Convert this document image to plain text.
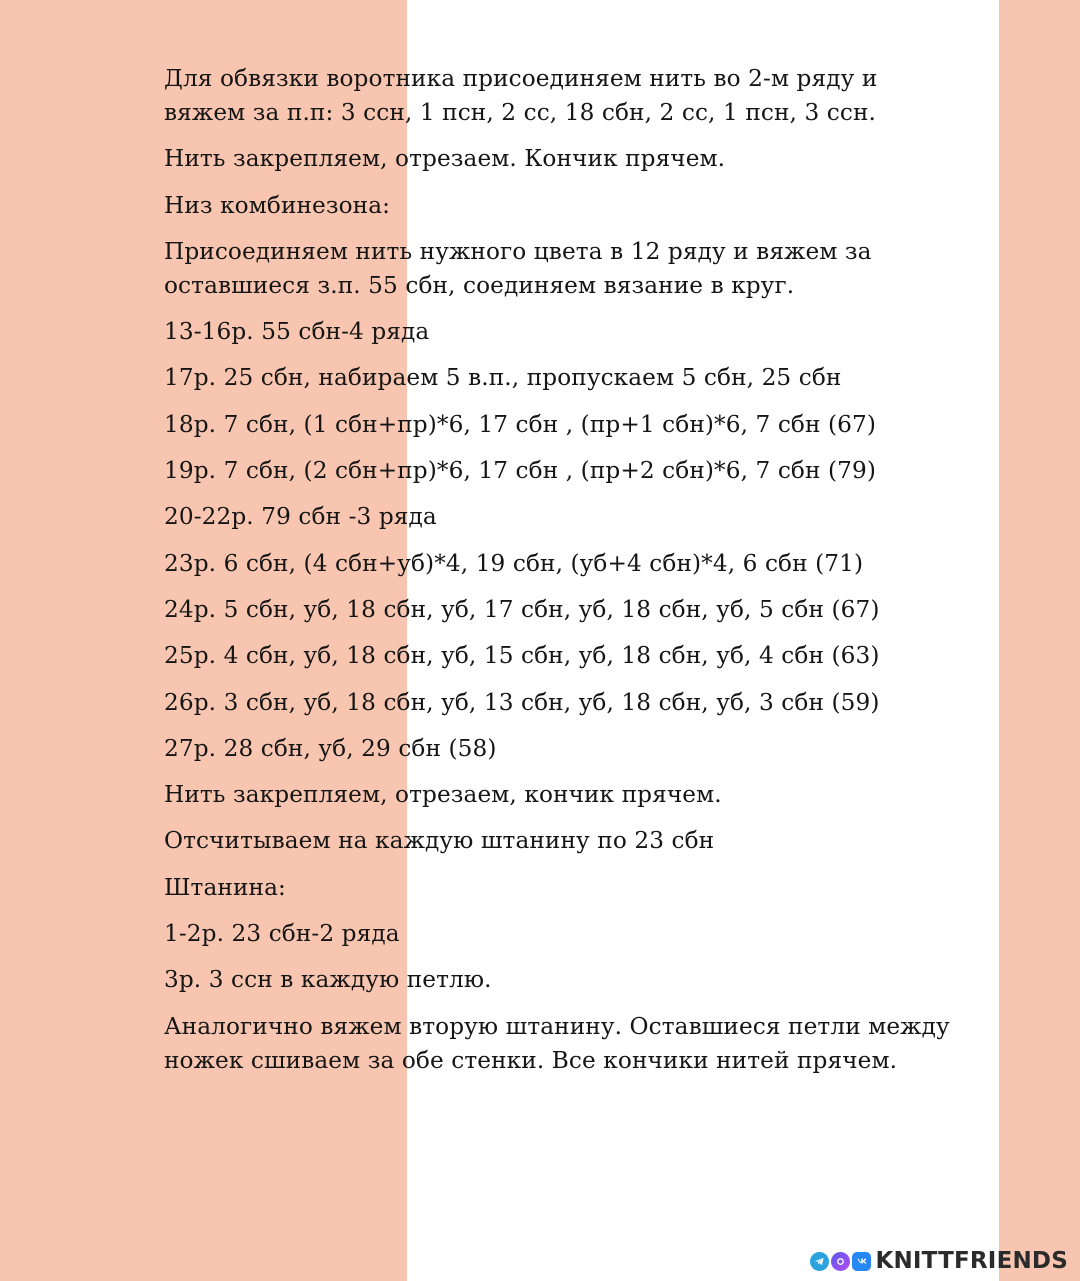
Для обвязки воротника присоединяем нить во 2-м ряду и
вяжем за п.п: 3 ссн, 1 псн, 2 сс, 18 сбн, 2 сс, 1 псн, 3 ссн.

Нить закрепляем, отрезаем. Кончик прячем.

Низ комбинезона:

Присоединяем нить нужного цвета в 12 ряду и вяжем за
оставшиеся з.п. 55 сбн, соединяем вязание в круг.

13-16р. 55 сбн-4 ряда

17р. 25 сбн, набираем 5 в.п., пропускаем 5 сбн, 25 сбн

18р. 7 сбн, (1 сбн+пр)*6, 17 сбн , (пр+1 сбн)*6, 7 сбн (67)

19р. 7 сбн, (2 сбн+пр)*6, 17 сбн , (пр+2 сбн)*6, 7 сбн (79)

20-22р. 79 сбн -3 ряда

23р. 6 сбн, (4 сбн+уб)*4, 19 сбн, (уб+4 сбн)*4, 6 сбн (71)

24р. 5 сбн, уб, 18 сбн, уб, 17 сбн, уб, 18 сбн, уб, 5 сбн (67)

25р. 4 сбн, уб, 18 сбн, уб, 15 сбн, уб, 18 сбн, уб, 4 сбн (63)

26р. 3 сбн, уб, 18 сбн, уб, 13 сбн, уб, 18 сбн, уб, 3 сбн (59)

27р. 28 сбн, уб, 29 сбн (58)

Нить закрепляем, отрезаем, кончик прячем.

Отсчитываем на каждую штанину по 23 сбн

Штанина:

1-2р. 23 сбн-2 ряда

3р. 3 ссн в каждую петлю.

Аналогично вяжем вторую штанину. Оставшиеся петли между
ножек сшиваем за обе стенки. Все кончики нитей прячем.

KNITTFRIENDS
